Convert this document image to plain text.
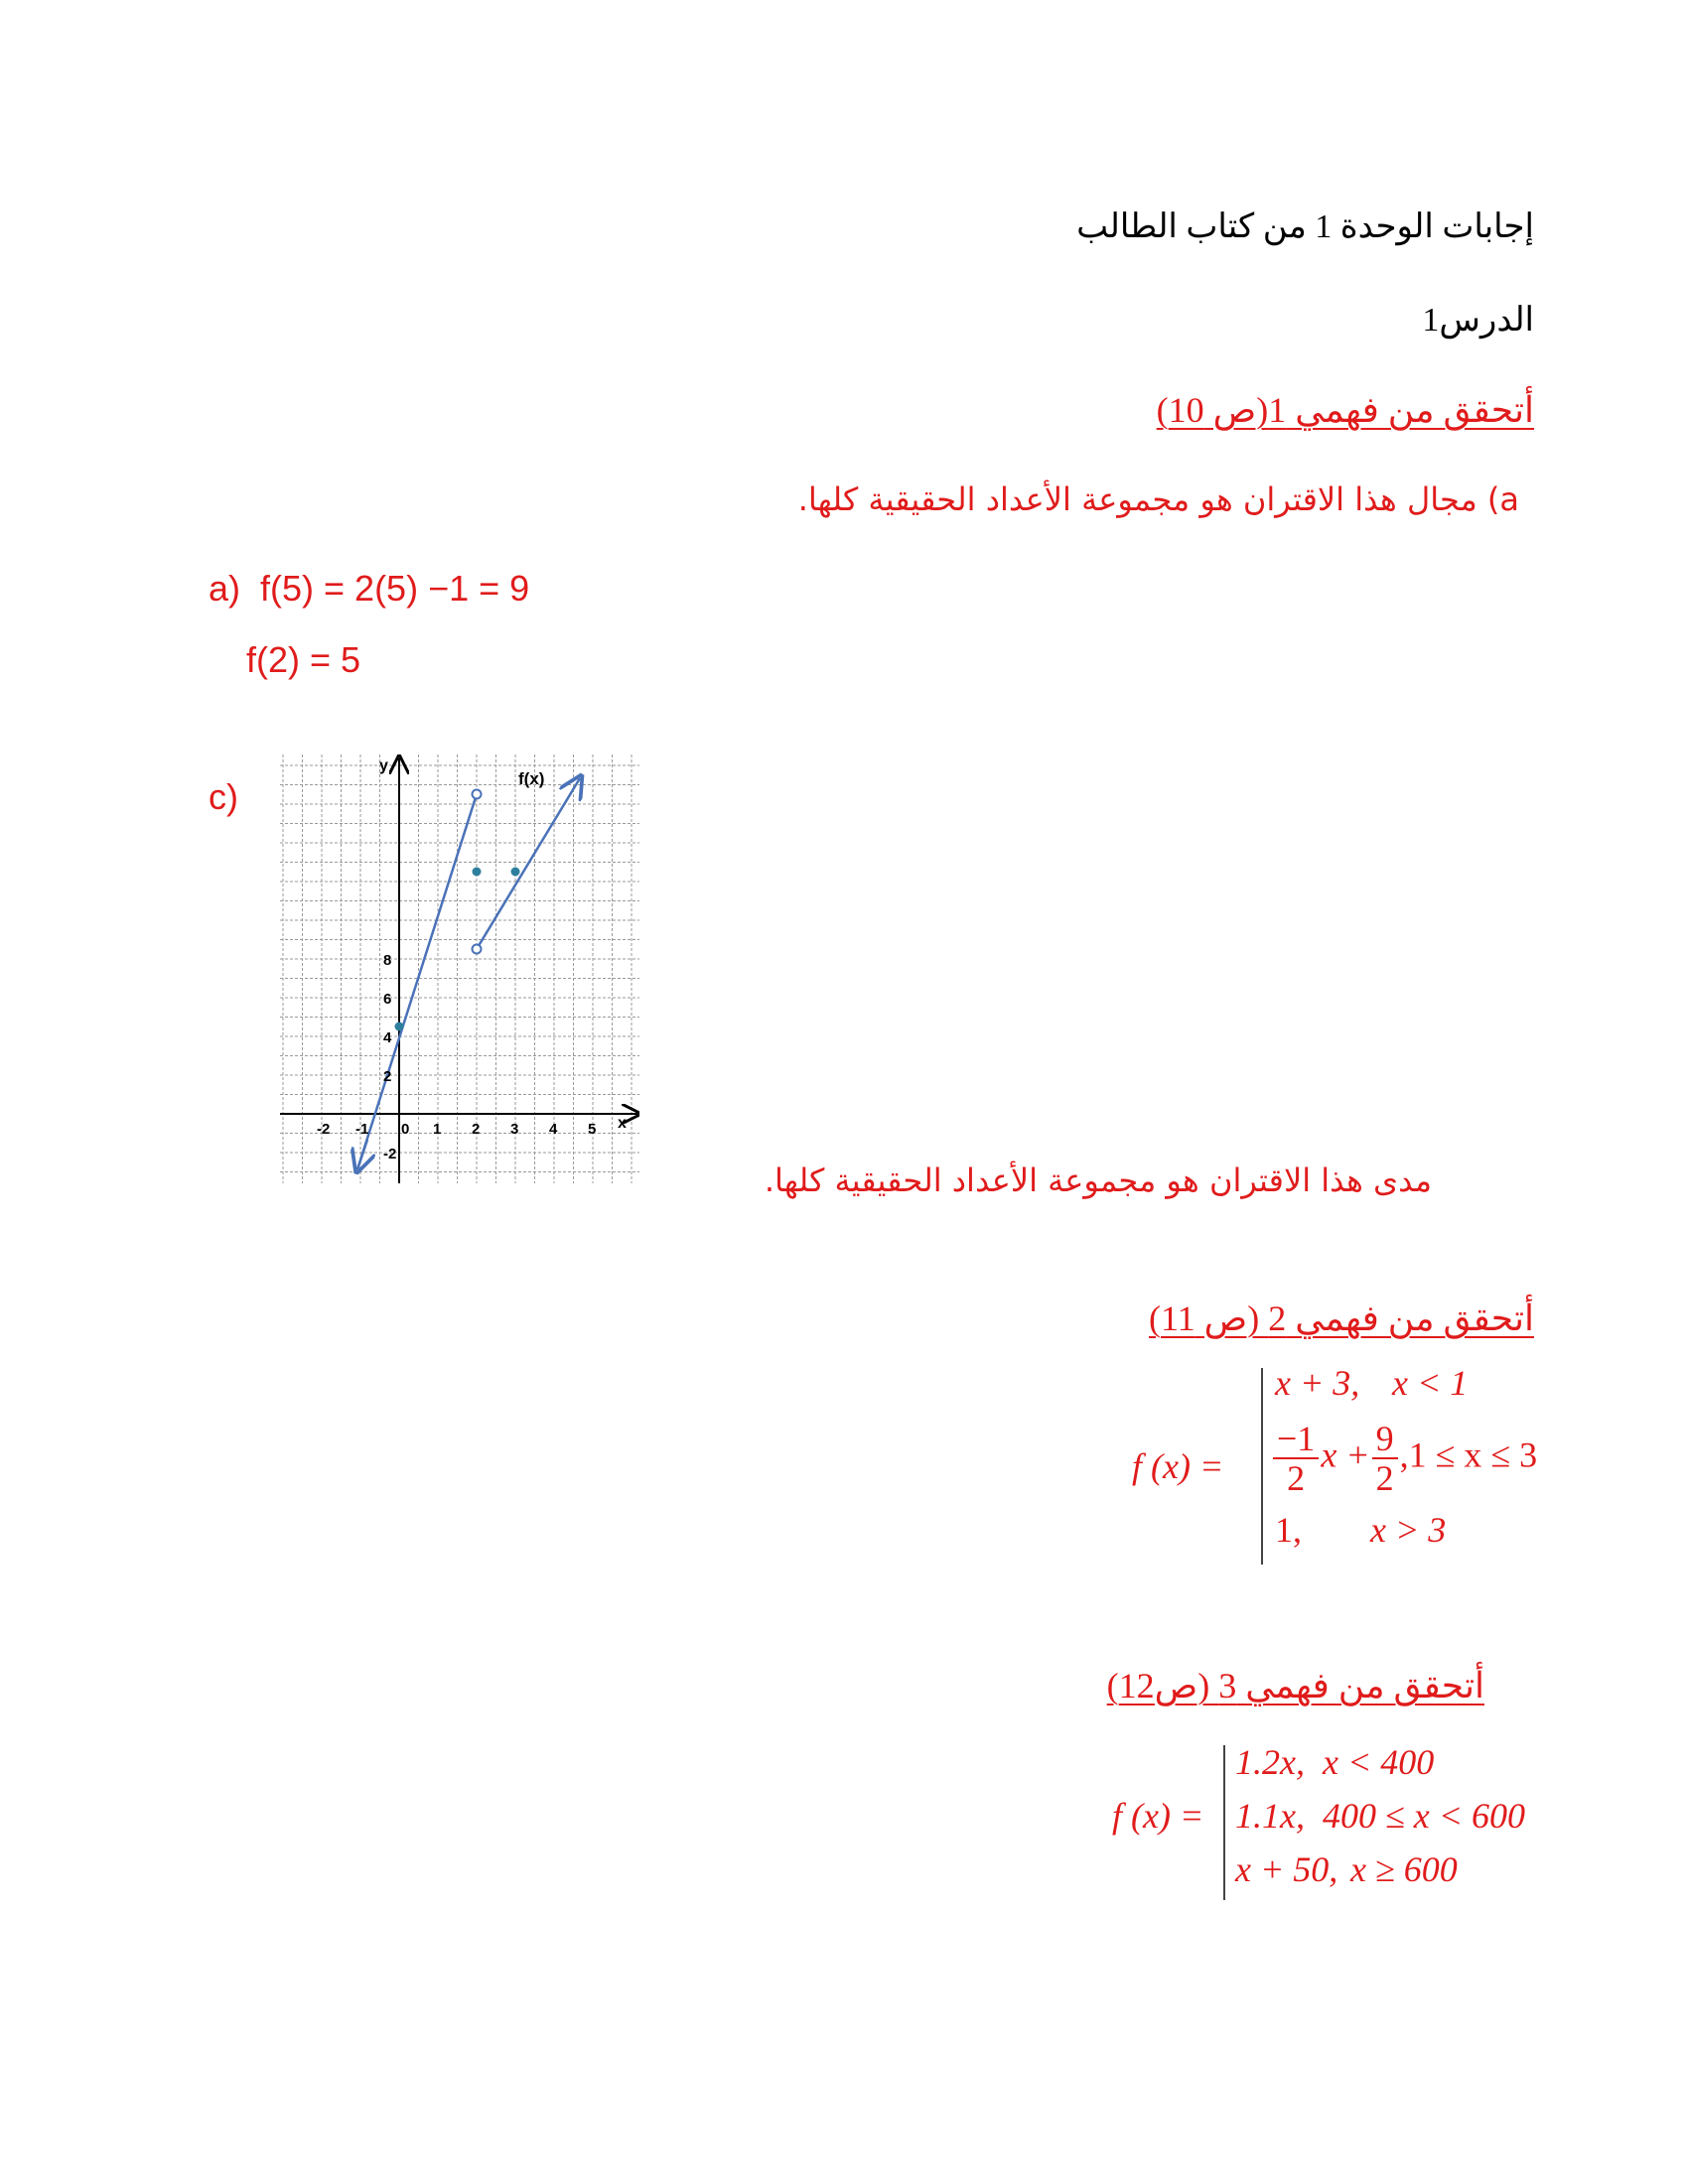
إجابات الوحدة 1 من كتاب الطالب
الدرس1
أتحقق من فهمي 1(ص 10)
a) مجال هذا الاقتران هو مجموعة الأعداد الحقيقية كلها.
a)  f(5) = 2(5) −1 = 9
f(2) = 5
c)
y
x
f(x)
-2 -1 0 1 2 3 4 5
2
4
6
8
-2
مدى هذا الاقتران هو مجموعة الأعداد الحقيقية كلها.
أتحقق من فهمي 2 (ص 11)
f (x) =
x + 3, x < 1
$\frac{-1}{2}$ $x + \frac{9}{2} ,1 \le x \le 3$
1, x > 3
أتحقق من فهمي 3 (ص12)
f (x) =
1.2x, x < 400
1.1x, 400 ≤ x < 600
x + 50, x ≥ 600
